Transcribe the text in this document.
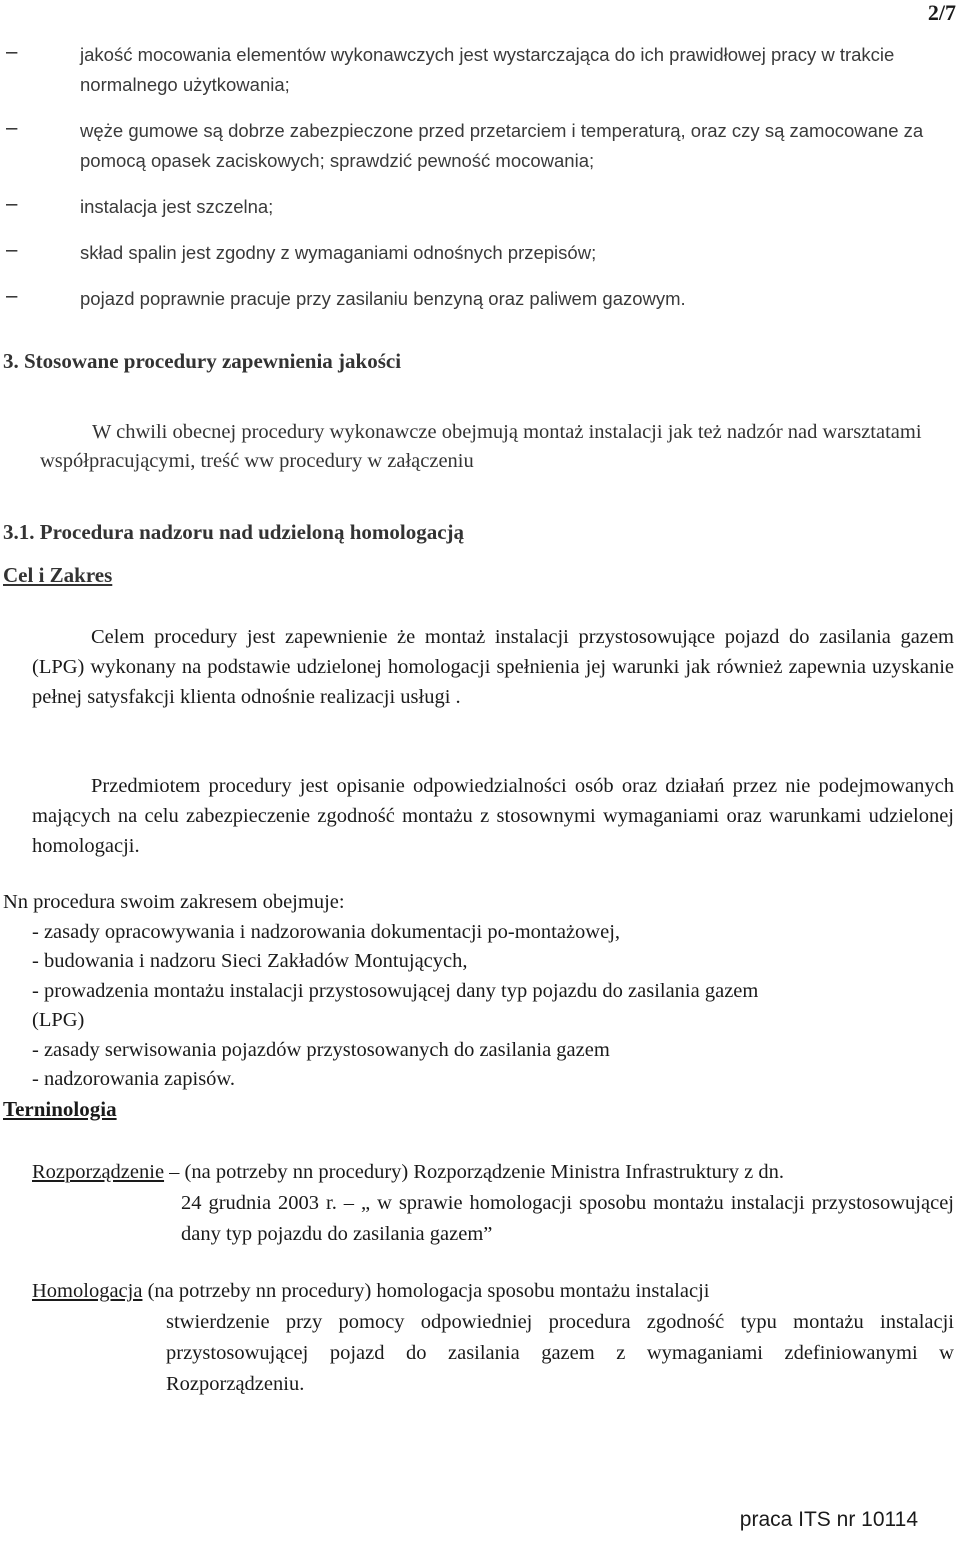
2/7
–	jakość mocowania elementów wykonawczych jest wystarczająca do ich prawidłowej pracy w trakcie normalnego użytkowania;
–	wężе gumowe są dobrze zabezpieczone przed przetarciem i temperaturą, oraz czy są zamocowane za pomocą opasek zaciskowych; sprawdzić pewność mocowania;
–	instalacja jest szczelna;
–	skład spalin jest zgodny z wymaganiami odnośnych przepisów;
–	pojazd poprawnie pracuje przy zasilaniu benzyną oraz paliwem gazowym.
3. Stosowane procedury zapewnienia jakości
W chwili obecnej procedury wykonawcze obejmują montaż instalacji jak też nadzór nad warsztatami współpracującymi, treść ww procedury w załączeniu
3.1. Procedura nadzoru nad udzieloną homologacją
Cel i Zakres
Celem procedury jest zapewnienie że montaż instalacji przystosowujące pojazd do zasilania gazem (LPG) wykonany na podstawie udzielonej homologacji spełnienia jej warunki jak również zapewnia uzyskanie pełnej satysfakcji klienta odnośnie realizacji usługi .
Przedmiotem procedury jest opisanie odpowiedzialności osób oraz działań przez nie podejmowanych mających na celu zabezpieczenie zgodność montażu z stosownymi wymaganiami oraz warunkami udzielonej homologacji.
Nn procedura swoim zakresem obejmuje:
- zasady opracowywania i nadzorowania dokumentacji po-montażowej,
- budowania i nadzoru Sieci Zakładów Montujących,
- prowadzenia montażu instalacji przystosowującej dany typ pojazdu do zasilania gazem
(LPG)
- zasady serwisowania pojazdów przystosowanych do zasilania gazem
- nadzorowania zapisów.
Terninologia
Rozporządzenie – (na potrzeby nn procedury) Rozporządzenie Ministra Infrastruktury z dn.
24 grudnia 2003 r. – „ w sprawie homologacji sposobu montażu instalacji przystosowującej dany typ pojazdu do zasilania gazem”
Homologacja (na potrzeby nn procedury) homologacja sposobu montażu instalacji
stwierdzenie przy pomocy odpowiedniej procedura zgodność typu montażu instalacji przystosowującej pojazd do zasilania gazem z wymaganiami zdefiniowanymi w Rozporządzeniu.
praca ITS nr 10114
